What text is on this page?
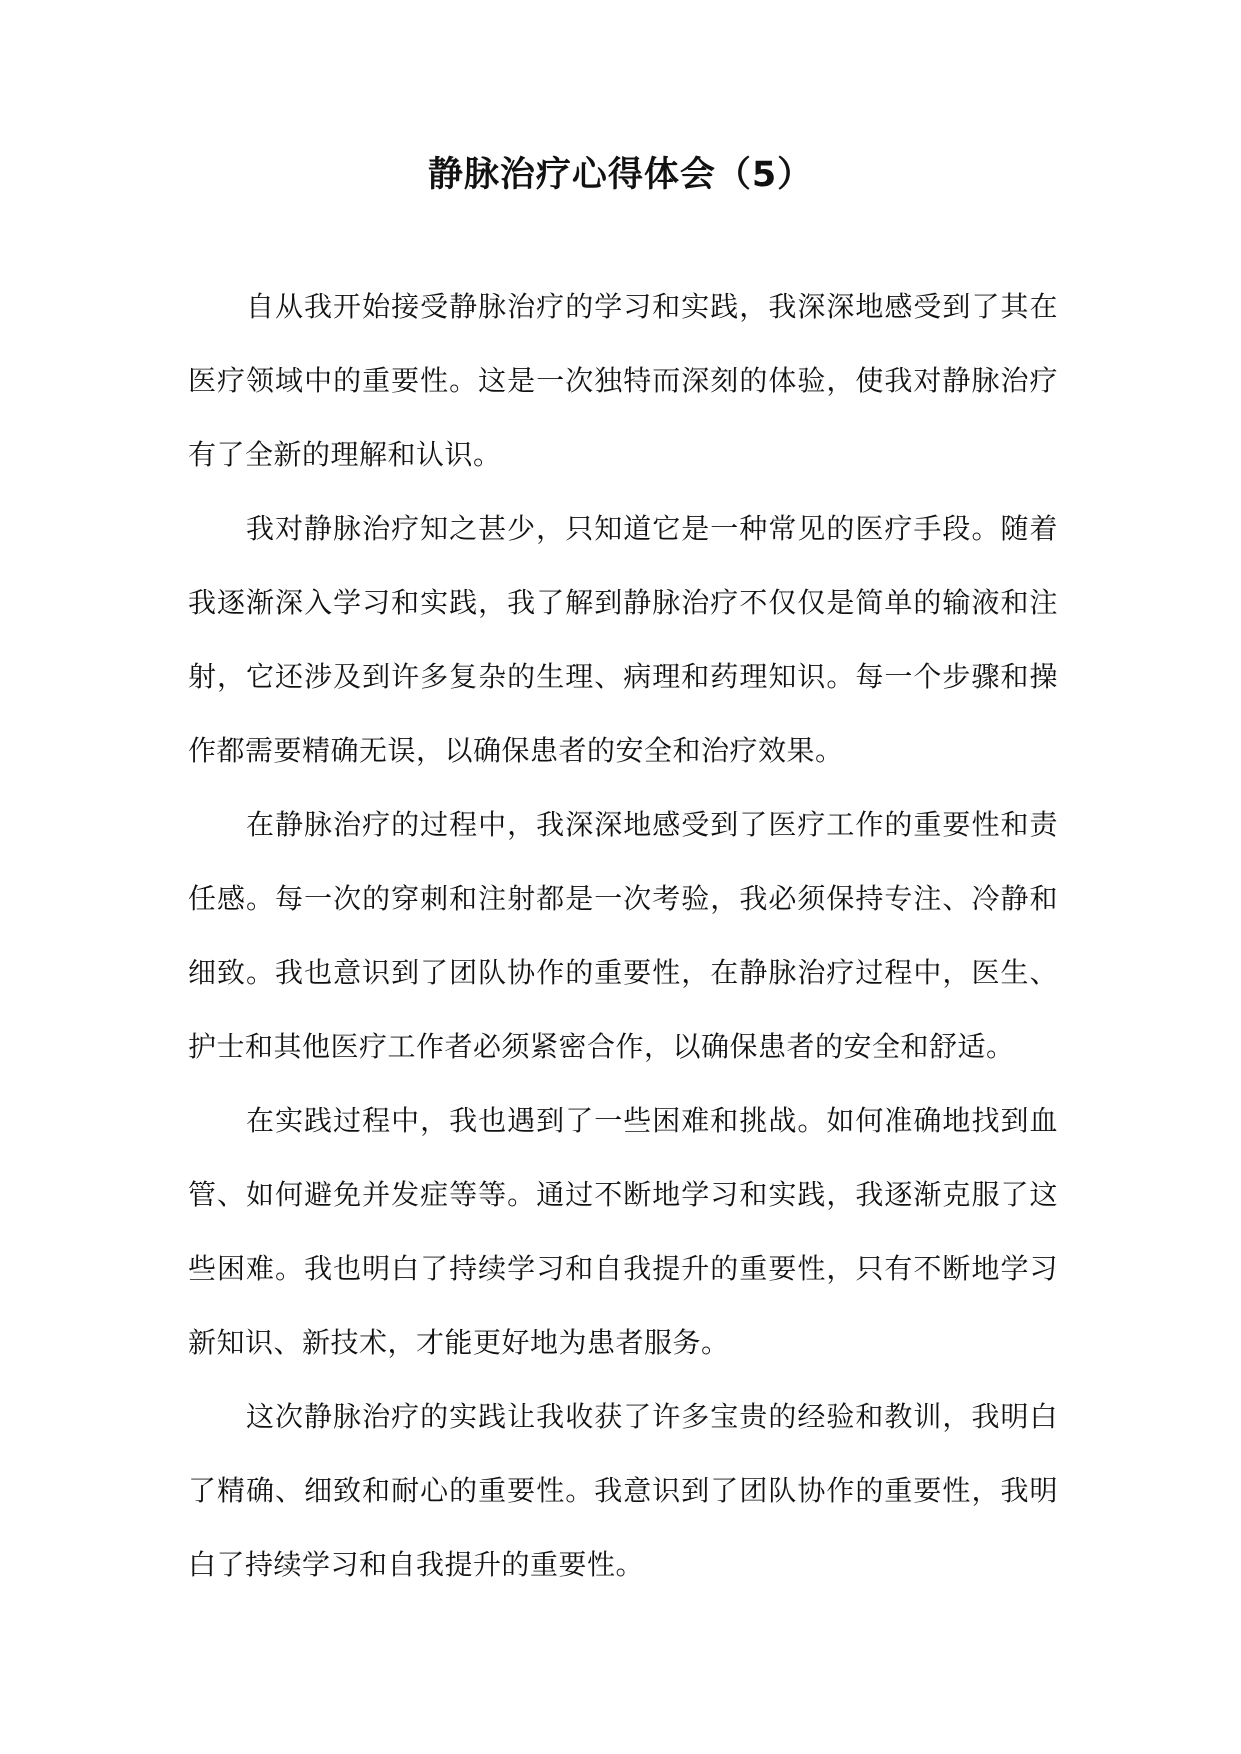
静脉治疗心得体会（5）

自从我开始接受静脉治疗的学习和实践，我深深地感受到了其在医疗领域中的重要性。这是一次独特而深刻的体验，使我对静脉治疗有了全新的理解和认识。

我对静脉治疗知之甚少，只知道它是一种常见的医疗手段。随着我逐渐深入学习和实践，我了解到静脉治疗不仅仅是简单的输液和注射，它还涉及到许多复杂的生理、病理和药理知识。每一个步骤和操作都需要精确无误，以确保患者的安全和治疗效果。

在静脉治疗的过程中，我深深地感受到了医疗工作的重要性和责任感。每一次的穿刺和注射都是一次考验，我必须保持专注、冷静和细致。我也意识到了团队协作的重要性，在静脉治疗过程中，医生、护士和其他医疗工作者必须紧密合作，以确保患者的安全和舒适。

在实践过程中，我也遇到了一些困难和挑战。如何准确地找到血管、如何避免并发症等等。通过不断地学习和实践，我逐渐克服了这些困难。我也明白了持续学习和自我提升的重要性，只有不断地学习新知识、新技术，才能更好地为患者服务。

这次静脉治疗的实践让我收获了许多宝贵的经验和教训，我明白了精确、细致和耐心的重要性。我意识到了团队协作的重要性，我明白了持续学习和自我提升的重要性。
